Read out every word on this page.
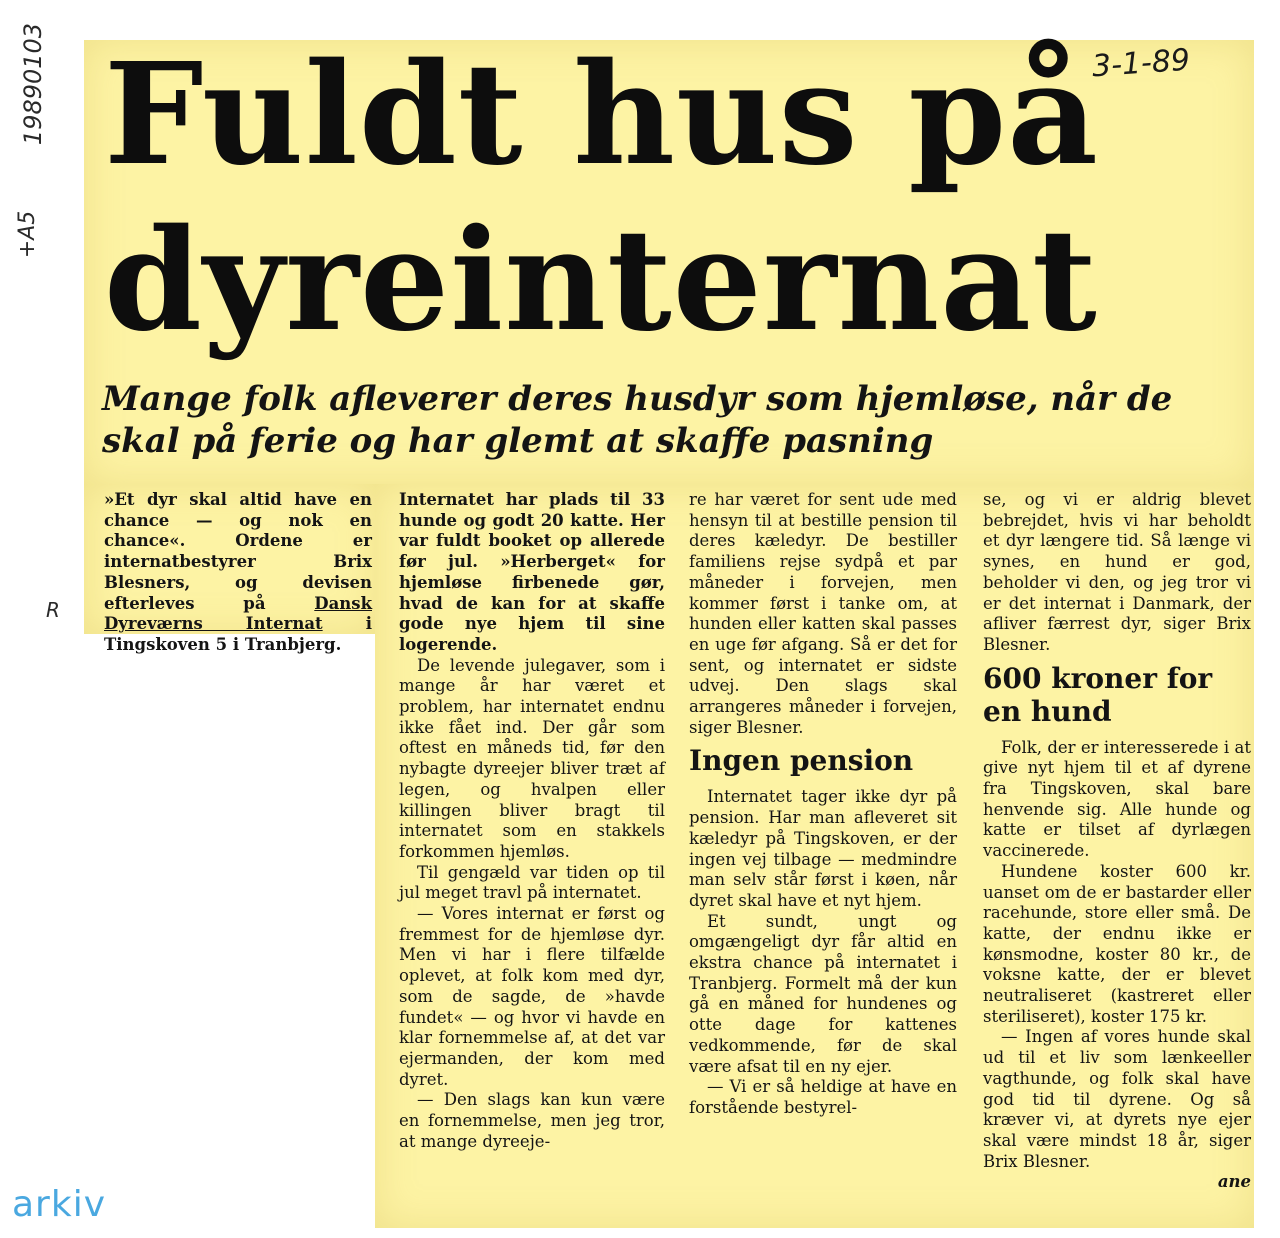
19890103
+A5
R
3-1-89
Fuldt hus på
dyreinternat
Mange folk afleverer deres husdyr som hjemløse, når de skal på ferie og har glemt at skaffe pasning

»Et dyr skal altid have en chance — og nok en chance«. Ordene er internatbestyrer Brix Blesners, og devisen efterleves på	Dansk Dyreværns Internat	i Tingskoven 5 i Tranbjerg.

Internatet har plads til 33 hunde og godt 20 katte. Her var fuldt booket op allerede før jul. »Herberget« for hjemløse firbenede gør, hvad de kan for at skaffe gode nye hjem til sine logerende.

De levende julegaver, som i mange år har været et problem, har internatet endnu ikke fået ind. Der går som oftest en måneds tid, før den nybagte dyreejer bliver træt af legen, og hvalpen eller killingen bliver bragt til internatet som en stakkels forkommen hjemløs.

Til gengæld var tiden op til jul meget travl på internatet.

— Vores internat er først og fremmest for de hjemløse dyr. Men vi har i flere tilfælde oplevet, at folk kom med dyr, som de sagde, de »havde fundet« — og hvor vi havde en klar fornemmelse af, at det var ejermanden, der kom med dyret.

— Den slags kan kun være en fornemmelse, men jeg tror, at mange dyreeje-

re har været for sent ude med hensyn til at bestille pension til deres kæledyr. De bestiller familiens rejse sydpå et par måneder i forvejen, men kommer først i tanke om, at hunden eller katten skal passes en uge før afgang. Så er det for sent, og internatet er sidste udvej. Den slags skal arrangeres måneder i forvejen, siger Blesner.

Ingen pension

Internatet tager ikke dyr på pension. Har man afleveret sit kæledyr på Tingskoven, er der ingen vej tilbage — medmindre man selv står først i køen, når dyret skal have et nyt hjem.

Et sundt, ungt og omgængeligt dyr får altid en ekstra chance på internatet i Tranbjerg. Formelt må der kun gå en måned for hundenes og otte dage for kattenes vedkommende, før de skal være afsat til en ny ejer.

— Vi er så heldige at have en forstående bestyrel-

se, og vi er aldrig blevet bebrejdet, hvis vi har beholdt et dyr længere tid. Så længe vi synes, en hund er god, beholder vi den, og jeg tror vi er det internat i Danmark, der afliver færrest dyr, siger Brix Blesner.

600 kroner for en hund

Folk, der er interesserede i at give nyt hjem til et af dyrene fra Tingskoven, skal bare henvende sig. Alle hunde og katte er tilset af dyrlægen vaccinerede.

Hundene koster 600 kr. uanset om de er bastarder eller racehunde, store eller små. De katte, der endnu ikke er kønsmodne, koster 80 kr., de voksne katte, der er blevet neutraliseret (kastreret eller steriliseret), koster 175 kr.

— Ingen af vores hunde skal ud til et liv som lænkeeller vagthunde, og folk skal have god tid til dyrene. Og så kræver vi, at dyrets nye ejer skal være mindst 18 år, siger Brix Blesner.

ane

arkiv
